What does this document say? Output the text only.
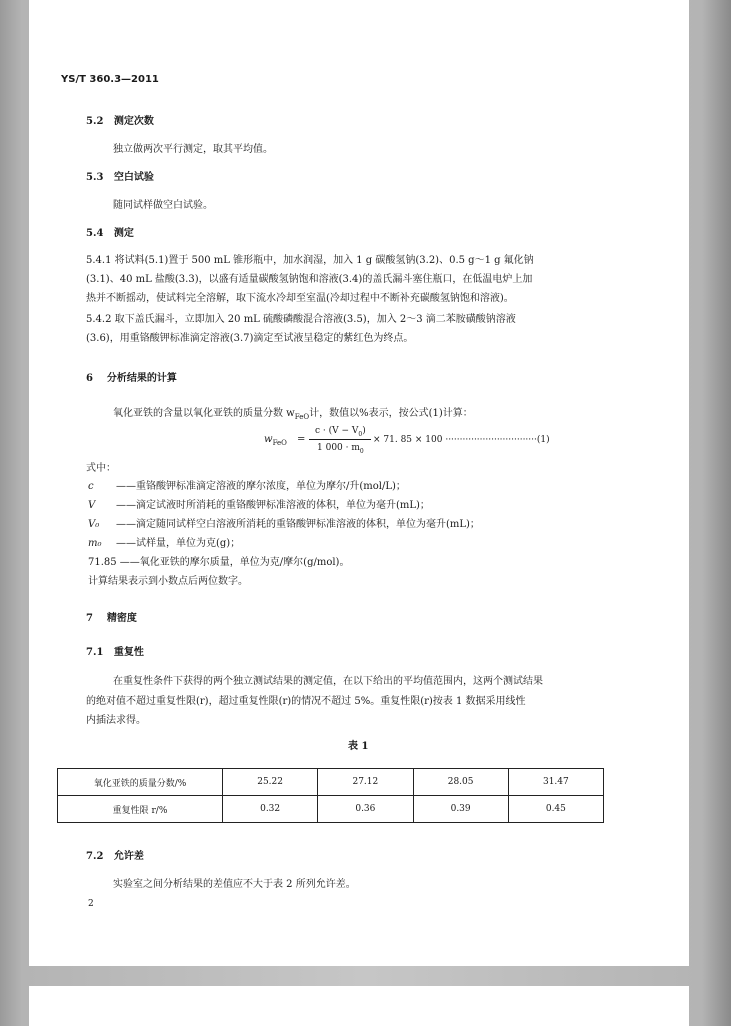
YS/T 360.3—2011
5.2 测定次数
独立做两次平行测定，取其平均值。
5.3 空白试验
随同试样做空白试验。
5.4 测定
5.4.1 将试料(5.1)置于 500 mL 锥形瓶中，加水润湿，加入 1 g 碳酸氢钠(3.2)、0.5 g～1 g 氟化钠
(3.1)、40 mL 盐酸(3.3)，以盛有适量碳酸氢钠饱和溶液(3.4)的盖氏漏斗塞住瓶口，在低温电炉上加
热并不断摇动，使试料完全溶解，取下流水冷却至室温(冷却过程中不断补充碳酸氢钠饱和溶液)。
5.4.2 取下盖氏漏斗，立即加入 20 mL 硫酸磷酸混合溶液(3.5)，加入 2～3 滴二苯胺磺酸钠溶液
(3.6)，用重铬酸钾标准滴定溶液(3.7)滴定至试液呈稳定的紫红色为终点。
6 分析结果的计算
氧化亚铁的含量以氧化亚铁的质量分数 $w_{FeO}$计，数值以%表示，按公式(1)计算：
$w_{FeO}$ =
$c \cdot (V - V_0)$
1 $000 \cdot m_0$
× 71. 85 × 100 ································(1)
式中：
c ——重铬酸钾标准滴定溶液的摩尔浓度，单位为摩尔/升(mol/L)；
V ——滴定试液时所消耗的重铬酸钾标准溶液的体积，单位为毫升(mL)；
V₀ ——滴定随同试样空白溶液所消耗的重铬酸钾标准溶液的体积，单位为毫升(mL)；
m₀ ——试样量，单位为克(g)；
71.85 ——氧化亚铁的摩尔质量，单位为克/摩尔(g/mol)。
计算结果表示到小数点后两位数字。
7 精密度
7.1 重复性
在重复性条件下获得的两个独立测试结果的测定值，在以下给出的平均值范围内，这两个测试结果
的绝对值不超过重复性限(r)，超过重复性限(r)的情况不超过 5%。重复性限(r)按表 1 数据采用线性
内插法求得。
表 1
氧化亚铁的质量分数/%	25.22	27.12	28.05	31.47
重复性限 r/%	0.32	0.36	0.39	0.45
7.2 允许差
实验室之间分析结果的差值应不大于表 2 所列允许差。
2
